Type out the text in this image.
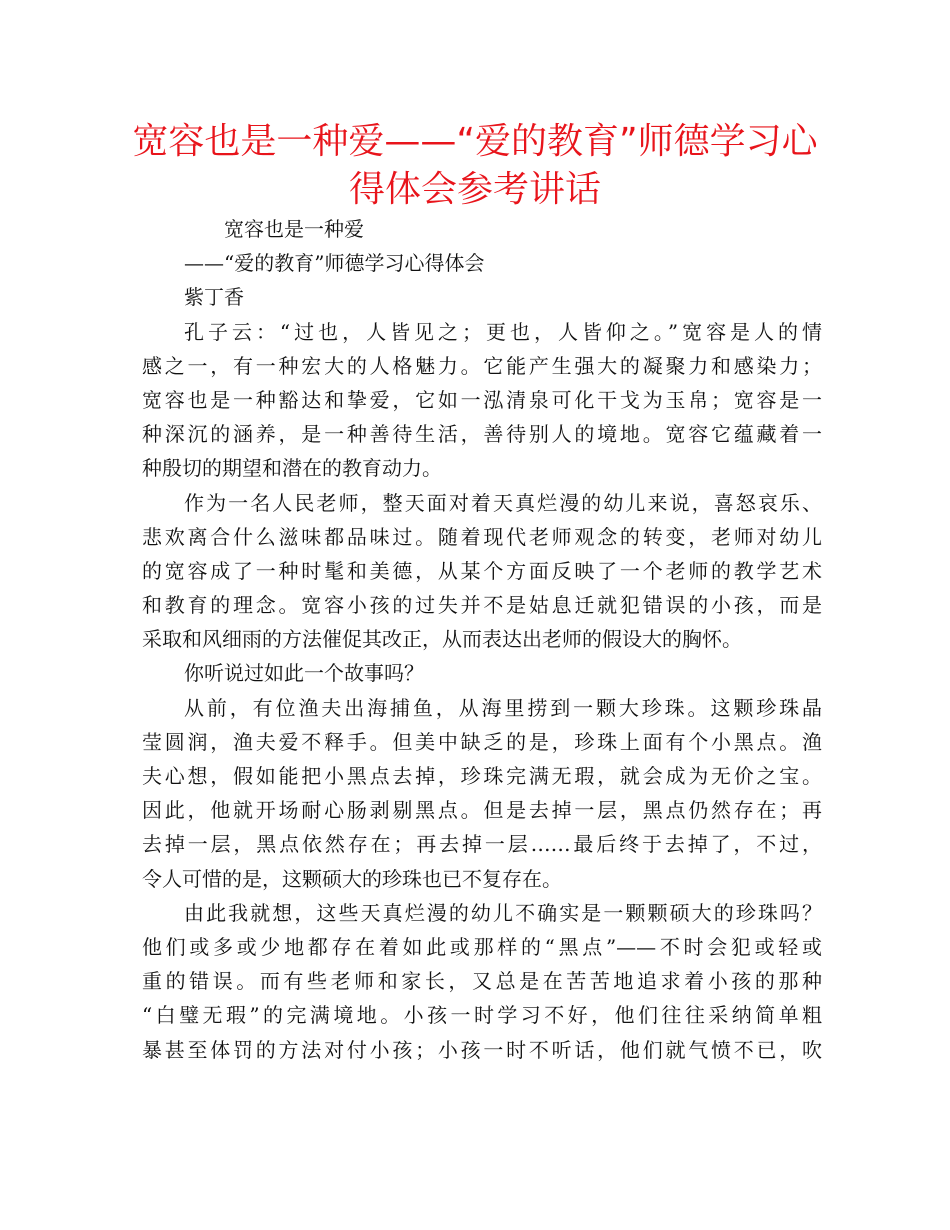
宽容也是一种爱——“爱的教育”师德学习心得体会参考讲话
宽容也是一种爱
——“爱的教育”师德学习心得体会
紫丁香
孔子云：“过也，人皆见之；更也，人皆仰之。”宽容是人的情
感之一，有一种宏大的人格魅力。它能产生强大的凝聚力和感染力；
宽容也是一种豁达和挚爱，它如一泓清泉可化干戈为玉帛；宽容是一
种深沉的涵养，是一种善待生活，善待别人的境地。宽容它蕴藏着一
种殷切的期望和潜在的教育动力。
作为一名人民老师，整天面对着天真烂漫的幼儿来说，喜怒哀乐、
悲欢离合什么滋味都品味过。随着现代老师观念的转变，老师对幼儿
的宽容成了一种时髦和美德，从某个方面反映了一个老师的教学艺术
和教育的理念。宽容小孩的过失并不是姑息迁就犯错误的小孩，而是
采取和风细雨的方法催促其改正，从而表达出老师的假设大的胸怀。
你听说过如此一个故事吗？
从前，有位渔夫出海捕鱼，从海里捞到一颗大珍珠。这颗珍珠晶
莹圆润，渔夫爱不释手。但美中缺乏的是，珍珠上面有个小黑点。渔
夫心想，假如能把小黑点去掉，珍珠完满无瑕，就会成为无价之宝。
因此，他就开场耐心肠剥剔黑点。但是去掉一层，黑点仍然存在；再
去掉一层，黑点依然存在；再去掉一层……最后终于去掉了，不过，
令人可惜的是，这颗硕大的珍珠也已不复存在。
由此我就想，这些天真烂漫的幼儿不确实是一颗颗硕大的珍珠吗？
他们或多或少地都存在着如此或那样的“黑点”——不时会犯或轻或
重的错误。而有些老师和家长，又总是在苦苦地追求着小孩的那种
“白璧无瑕”的完满境地。小孩一时学习不好，他们往往采纳简单粗
暴甚至体罚的方法对付小孩；小孩一时不听话，他们就气愤不已，吹
